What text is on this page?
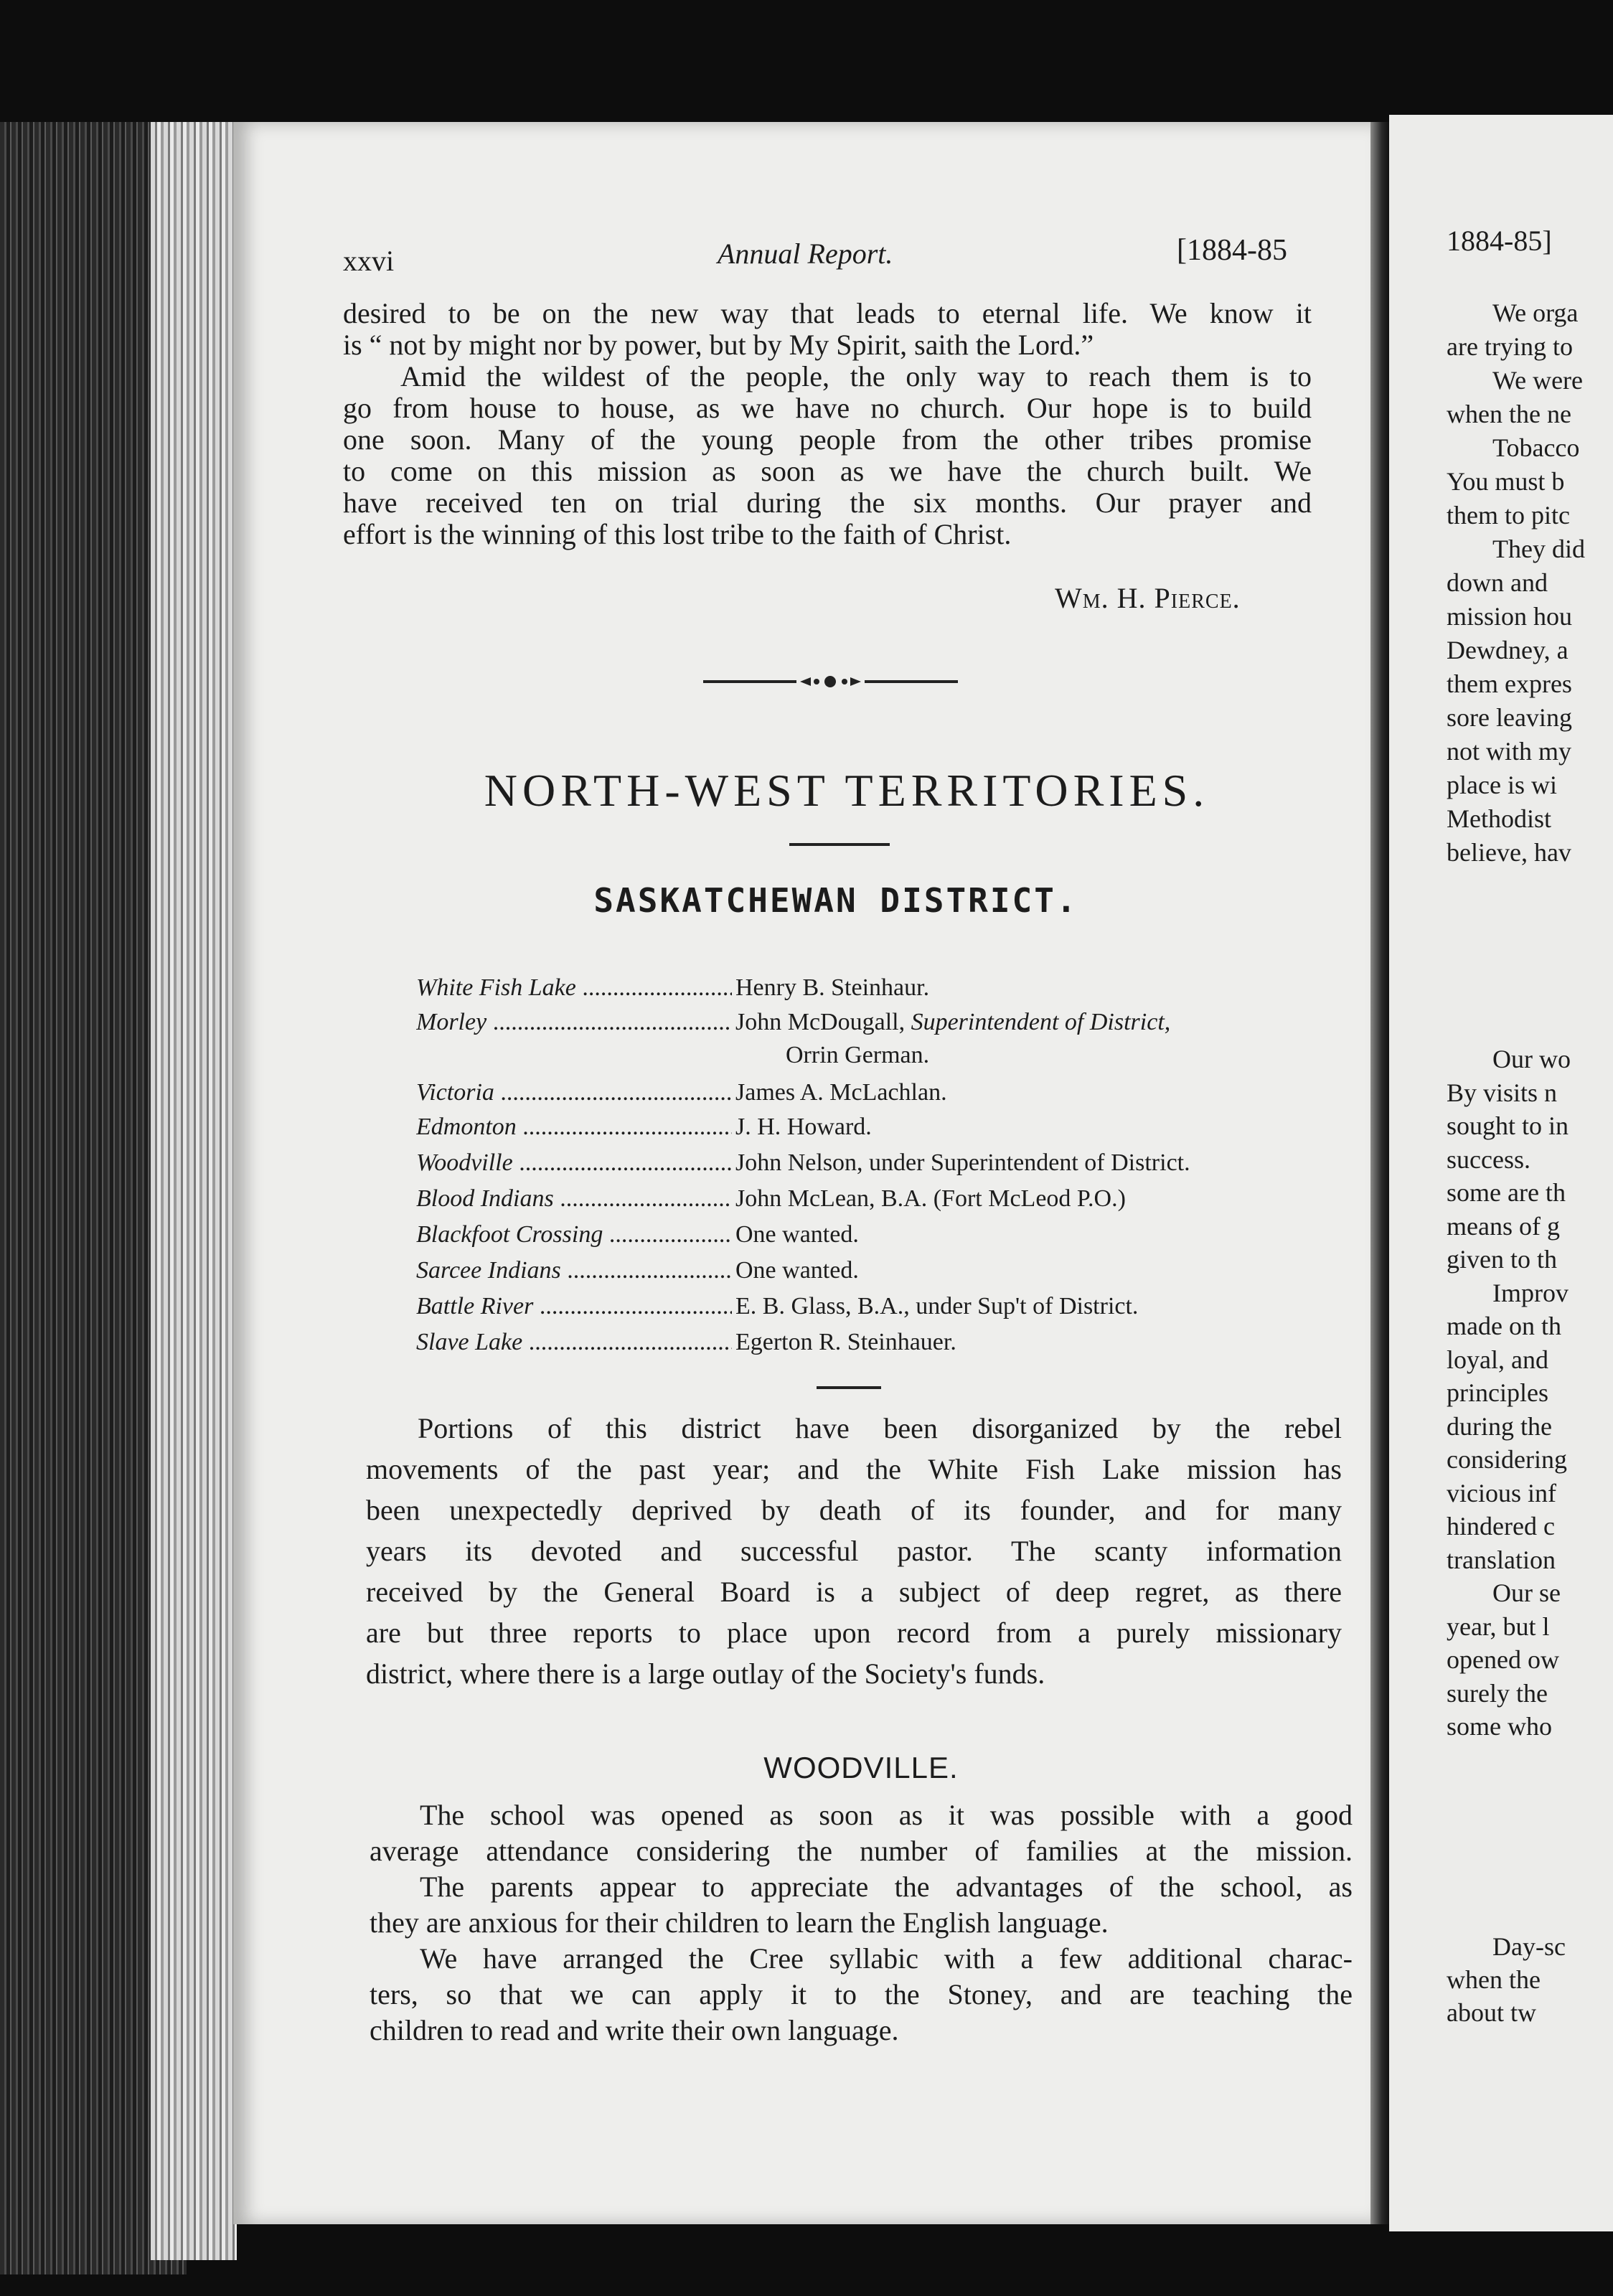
xxvi	Annual Report.	[1884-85
desired to be on the new way that leads to eternal life. We know it
is “ not by might nor by power, but by My Spirit, saith the Lord.”
Amid the wildest of the people, the only way to reach them is to
go from house to house, as we have no church. Our hope is to build
one soon. Many of the young people from the other tribes promise
to come on this mission as soon as we have the church built. We
have received ten on trial during the six months. Our prayer and
effort is the winning of this lost tribe to the faith of Christ.
Wm. H. Pierce.
NORTH-WEST TERRITORIES.
SASKATCHEWAN DISTRICT.
White Fish Lake .....	Henry B. Steinhaur.
Morley .....	John McDougall, Superintendent of District,
Orrin German.
Victoria .....	James A. McLachlan.
Edmonton .....	J. H. Howard.
Woodville .....	John Nelson, under Superintendent of District.
Blood Indians .....	John McLean, B.A. (Fort McLeod P.O.)
Blackfoot Crossing .....	One wanted.
Sarcee Indians .....	One wanted.
Battle River .....	E. B. Glass, B.A., under Sup't of District.
Slave Lake .....	Egerton R. Steinhauer.
Portions of this district have been disorganized by the rebel
movements of the past year; and the White Fish Lake mission has
been unexpectedly deprived by death of its founder, and for many
years its devoted and successful pastor. The scanty information
received by the General Board is a subject of deep regret, as there
are but three reports to place upon record from a purely missionary
district, where there is a large outlay of the Society's funds.
WOODVILLE.
The school was opened as soon as it was possible with a good
average attendance considering the number of families at the mission.
The parents appear to appreciate the advantages of the school, as
they are anxious for their children to learn the English language.
We have arranged the Cree syllabic with a few additional charac-
ters, so that we can apply it to the Stoney, and are teaching the
children to read and write their own language.
1884-85]
We orga
are trying to
We were
when the ne
Tobacco
You must b
them to pitc
They did
down and
mission hou
Dewdney, a
them expres
sore leaving
not with my
place is wi
Methodist
believe, hav
Our wo
By visits n
sought to in
success.
some are th
means of g
given to th
Improv
made on th
loyal, and
principles
during the
considering
vicious inf
hindered c
translation
Our se
year, but l
opened ow
surely the
some who
Day-sc
when the
about tw
